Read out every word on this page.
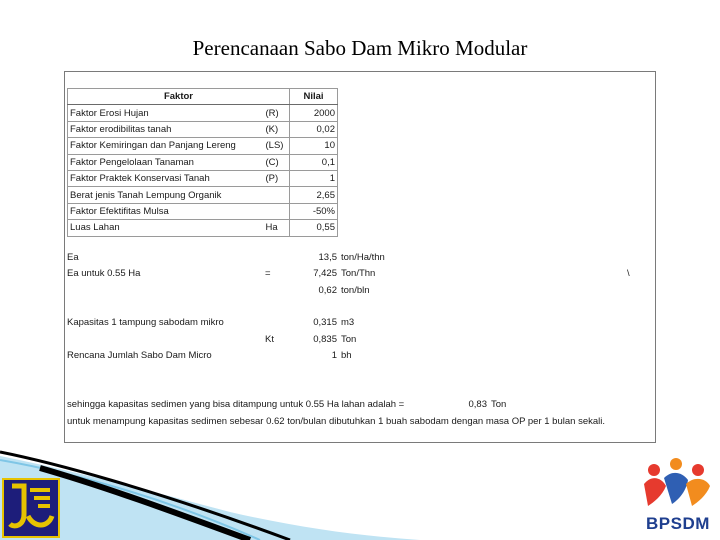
Perencanaan Sabo Dam Mikro Modular
Faktor		Nilai
Faktor Erosi Hujan	(R)	2000
Faktor erodibilitas tanah	(K)	0,02
Faktor Kemiringan dan Panjang Lereng	(LS)	10
Faktor Pengelolaan Tanaman	(C)	0,1
Faktor Praktek Konservasi Tanah	(P)	1
Berat jenis Tanah Lempung Organik		2,65
Faktor Efektifitas Mulsa		-50%
Luas Lahan	Ha	0,55
Ea	13,5 ton/Ha/thn
Ea untuk 0.55 Ha	=	7,425 Ton/Thn	\
0,62 ton/bln
Kapasitas 1 tampung sabodam mikro	0,315 m3
Kt	0,835 Ton
Rencana Jumlah Sabo Dam Micro	1 bh
sehingga kapasitas sedimen yang bisa ditampung untuk 0.55 Ha lahan adalah =	0,83 Ton
untuk menampung kapasitas sedimen sebesar 0.62 ton/bulan dibutuhkan 1 buah sabodam dengan masa OP per 1 bulan sekali.
BPSDM
